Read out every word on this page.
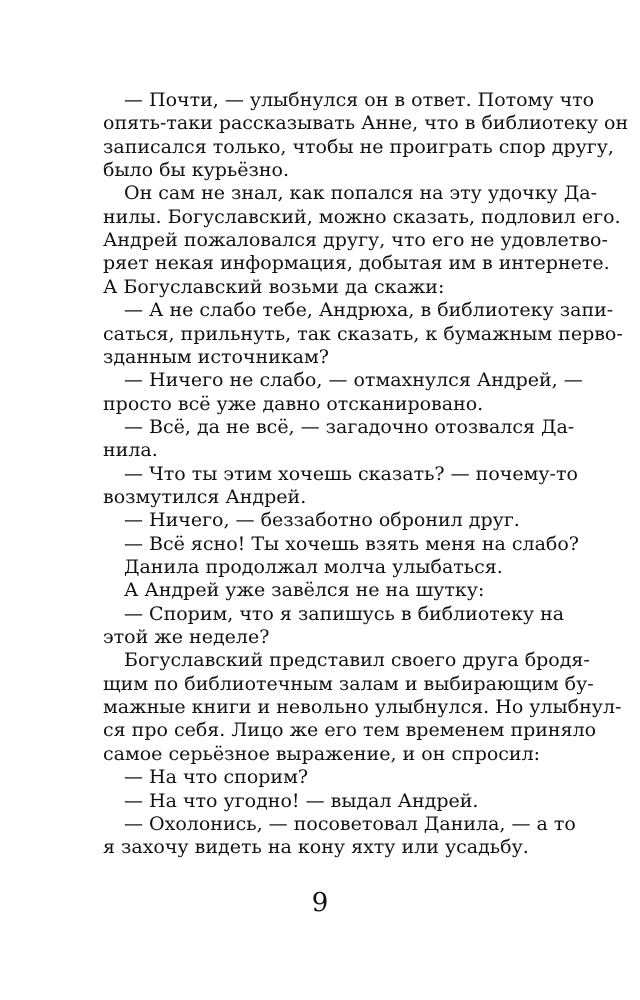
— Почти, — улыбнулся он в ответ. Потому что
опять-таки рассказывать Анне, что в библиотеку он
записался только, чтобы не проиграть спор другу,
было бы курьёзно.
Он сам не знал, как попался на эту удочку Да-
нилы. Богуславский, можно сказать, подловил его.
Андрей пожаловался другу, что его не удовлетво-
ряет некая информация, добытая им в интернете.
А Богуславский возьми да скажи:
— А не слабо тебе, Андрюха, в библиотеку запи-
саться, прильнуть, так сказать, к бумажным перво-
зданным источникам?
— Ничего не слабо, — отмахнулся Андрей, —
просто всё уже давно отсканировано.
— Всё, да не всё, — загадочно отозвался Да-
нила.
— Что ты этим хочешь сказать? — почему-то
возмутился Андрей.
— Ничего, — беззаботно обронил друг.
— Всё ясно! Ты хочешь взять меня на слабо?
Данила продолжал молча улыбаться.
А Андрей уже завёлся не на шутку:
— Спорим, что я запишусь в библиотеку на
этой же неделе?
Богуславский представил своего друга бродя-
щим по библиотечным залам и выбирающим бу-
мажные книги и невольно улыбнулся. Но улыбнул-
ся про себя. Лицо же его тем временем приняло
самое серьёзное выражение, и он спросил:
— На что спорим?
— На что угодно! — выдал Андрей.
— Охолонись, — посоветовал Данила, — а то
я захочу видеть на кону яхту или усадьбу.
9
